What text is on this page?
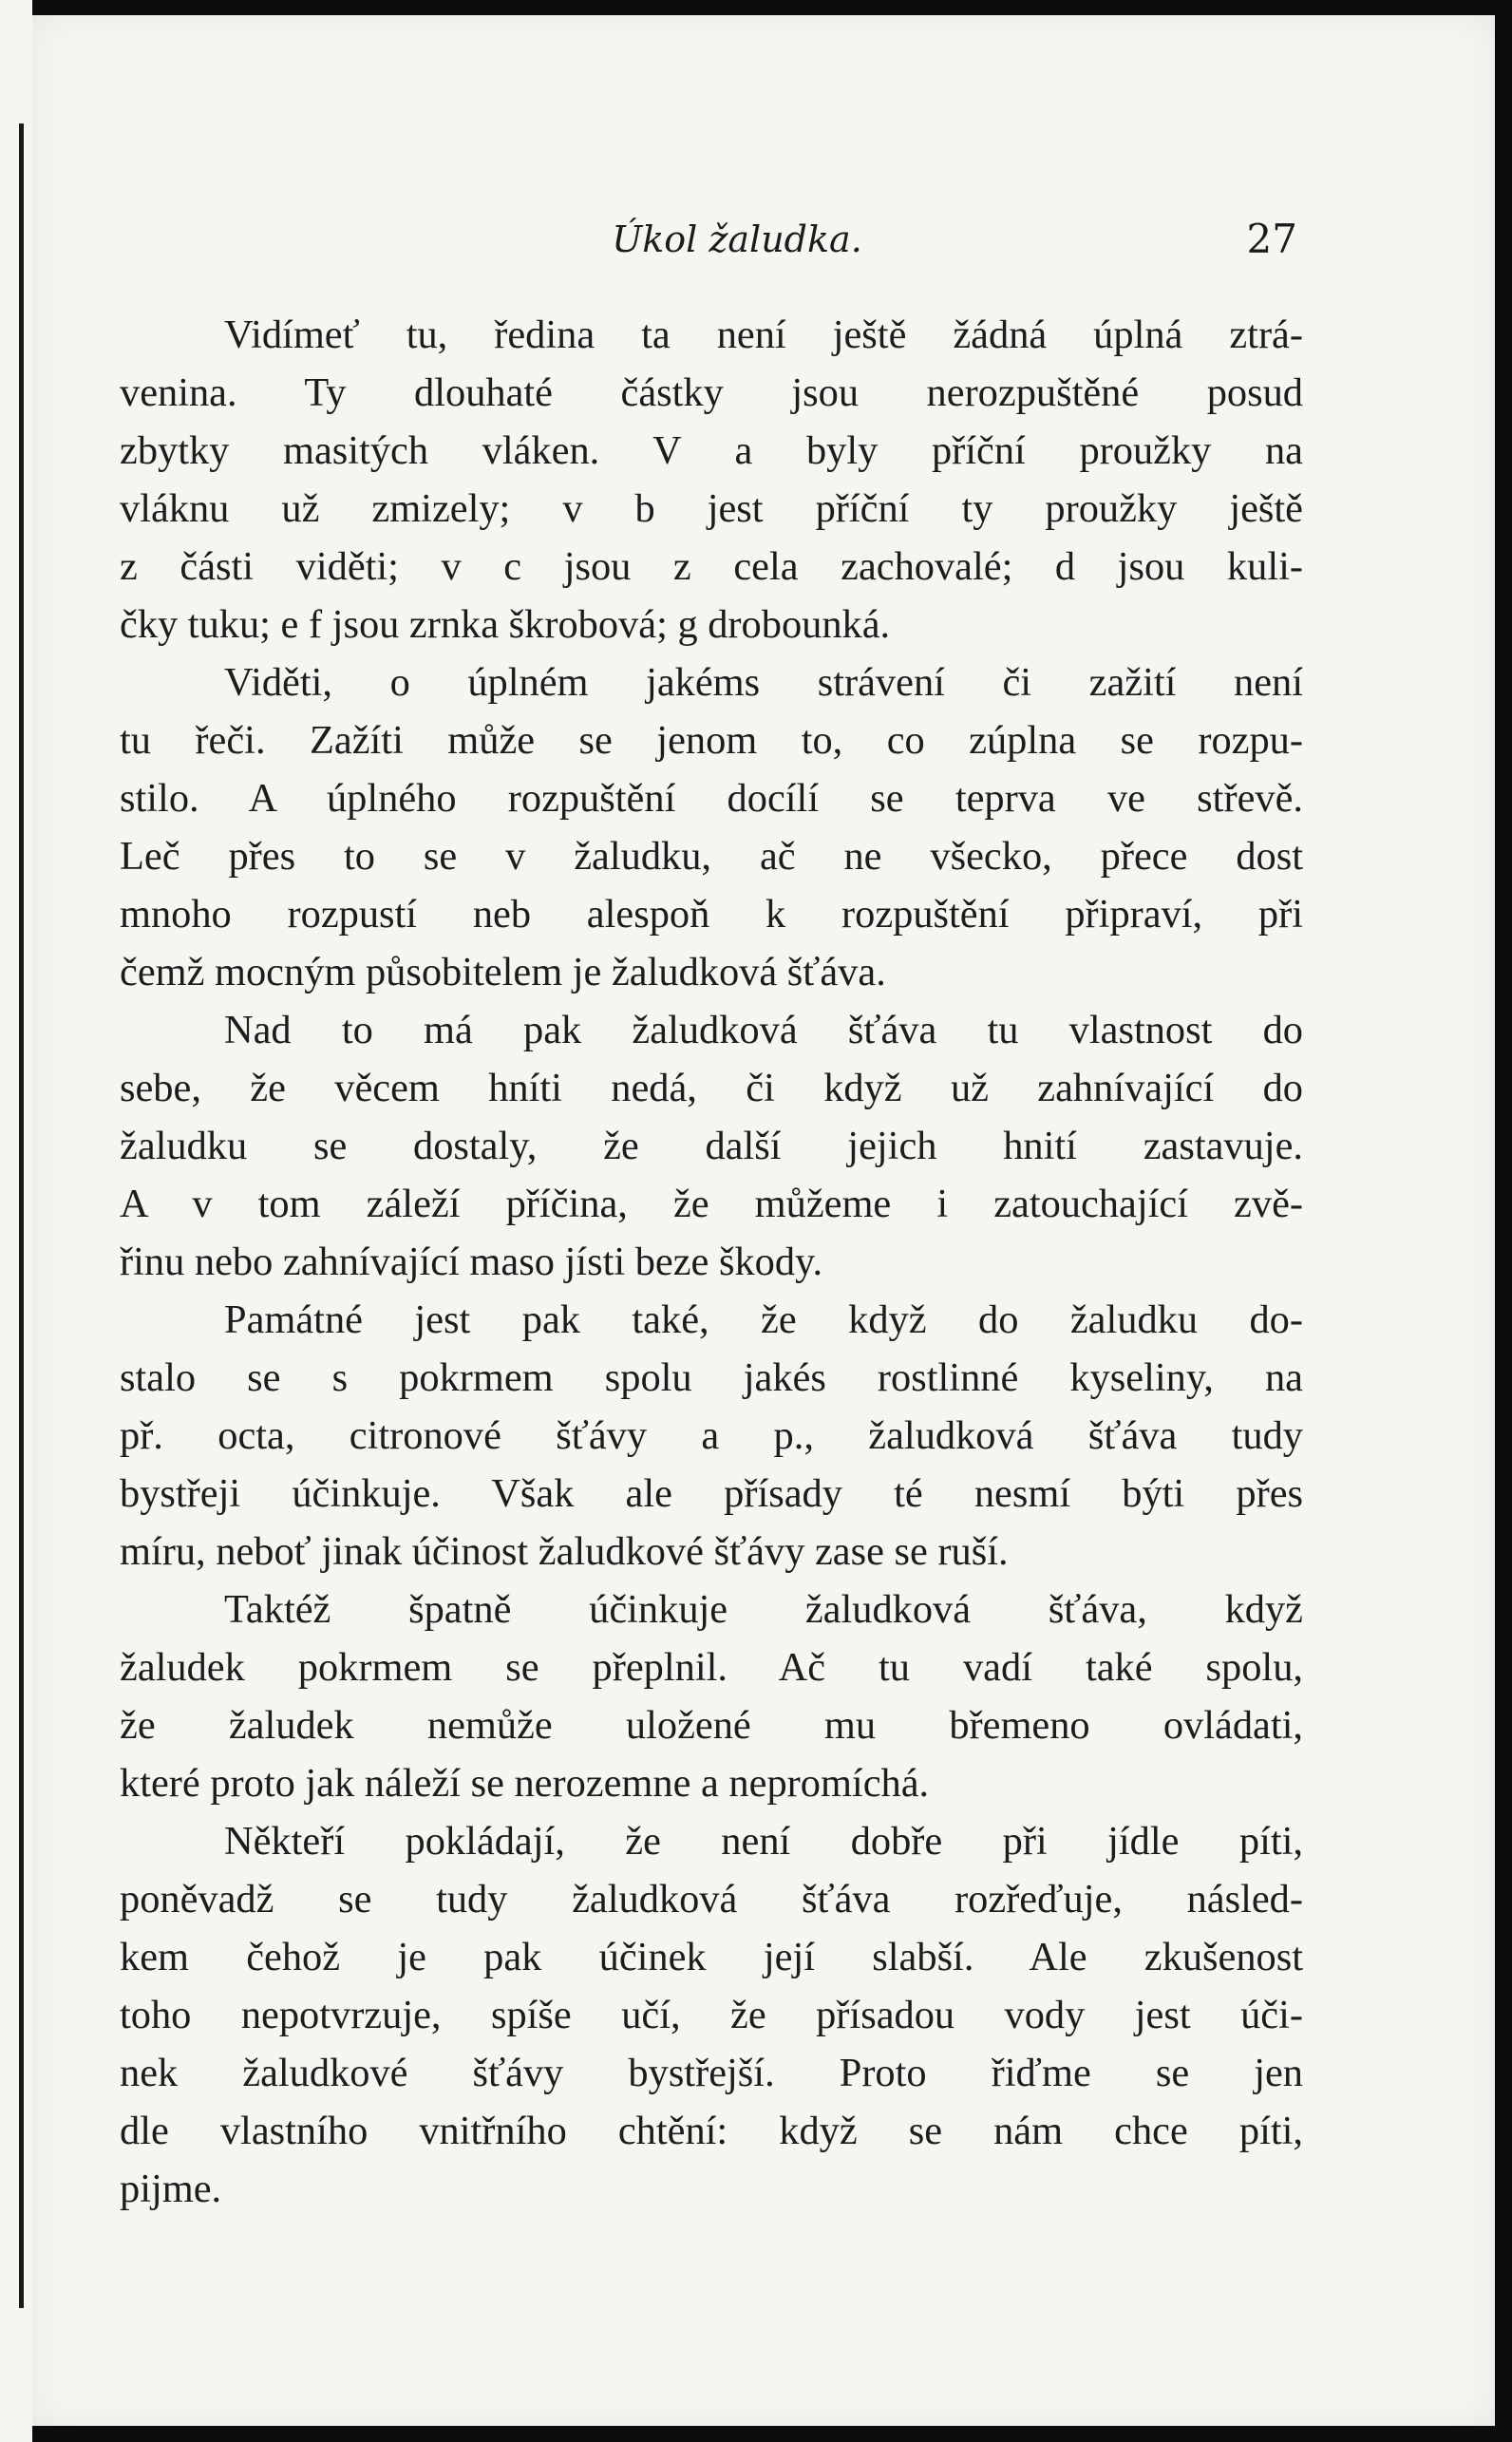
Úkol žaludka.	27

Vidímeť tu, ředina ta není ještě žádná úplná ztrá-
venina. Ty dlouhaté částky jsou nerozpuštěné posud
zbytky masitých vláken. V a byly příční proužky na
vláknu už zmizely; v b jest příční ty proužky ještě
z části viděti; v c jsou z cela zachovalé; d jsou kuli-
čky tuku; e f jsou zrnka škrobová; g drobounká.

Viděti, o úplném jakéms strávení či zažití není
tu řeči. Zažíti může se jenom to, co zúplna se rozpu-
stilo. A úplného rozpuštění docílí se teprva ve střevě.
Leč přes to se v žaludku, ač ne všecko, přece dost
mnoho rozpustí neb alespoň k rozpuštění připraví, při
čemž mocným působitelem je žaludková šťáva.

Nad to má pak žaludková šťáva tu vlastnost do
sebe, že věcem hníti nedá, či když už zahnívající do
žaludku se dostaly, že další jejich hnití zastavuje.
A v tom záleží příčina, že můžeme i zatouchající zvě-
řinu nebo zahnívající maso jísti beze škody.

Památné jest pak také, že když do žaludku do-
stalo se s pokrmem spolu jakés rostlinné kyseliny, na
př. octa, citronové šťávy a p., žaludková šťáva tudy
bystřeji účinkuje. Však ale přísady té nesmí býti přes
míru, neboť jinak účinost žaludkové šťávy zase se ruší.

Taktéž špatně účinkuje žaludková šťáva, když
žaludek pokrmem se přeplnil. Ač tu vadí také spolu,
že žaludek nemůže uložené mu břemeno ovládati,
které proto jak náleží se nerozemne a nepromíchá.

Někteří pokládají, že není dobře při jídle píti,
poněvadž se tudy žaludková šťáva rozřeďuje, násled-
kem čehož je pak účinek její slabší. Ale zkušenost
toho nepotvrzuje, spíše učí, že přísadou vody jest úči-
nek žaludkové šťávy bystřejší. Proto řiďme se jen
dle vlastního vnitřního chtění: když se nám chce píti,
pijme.
